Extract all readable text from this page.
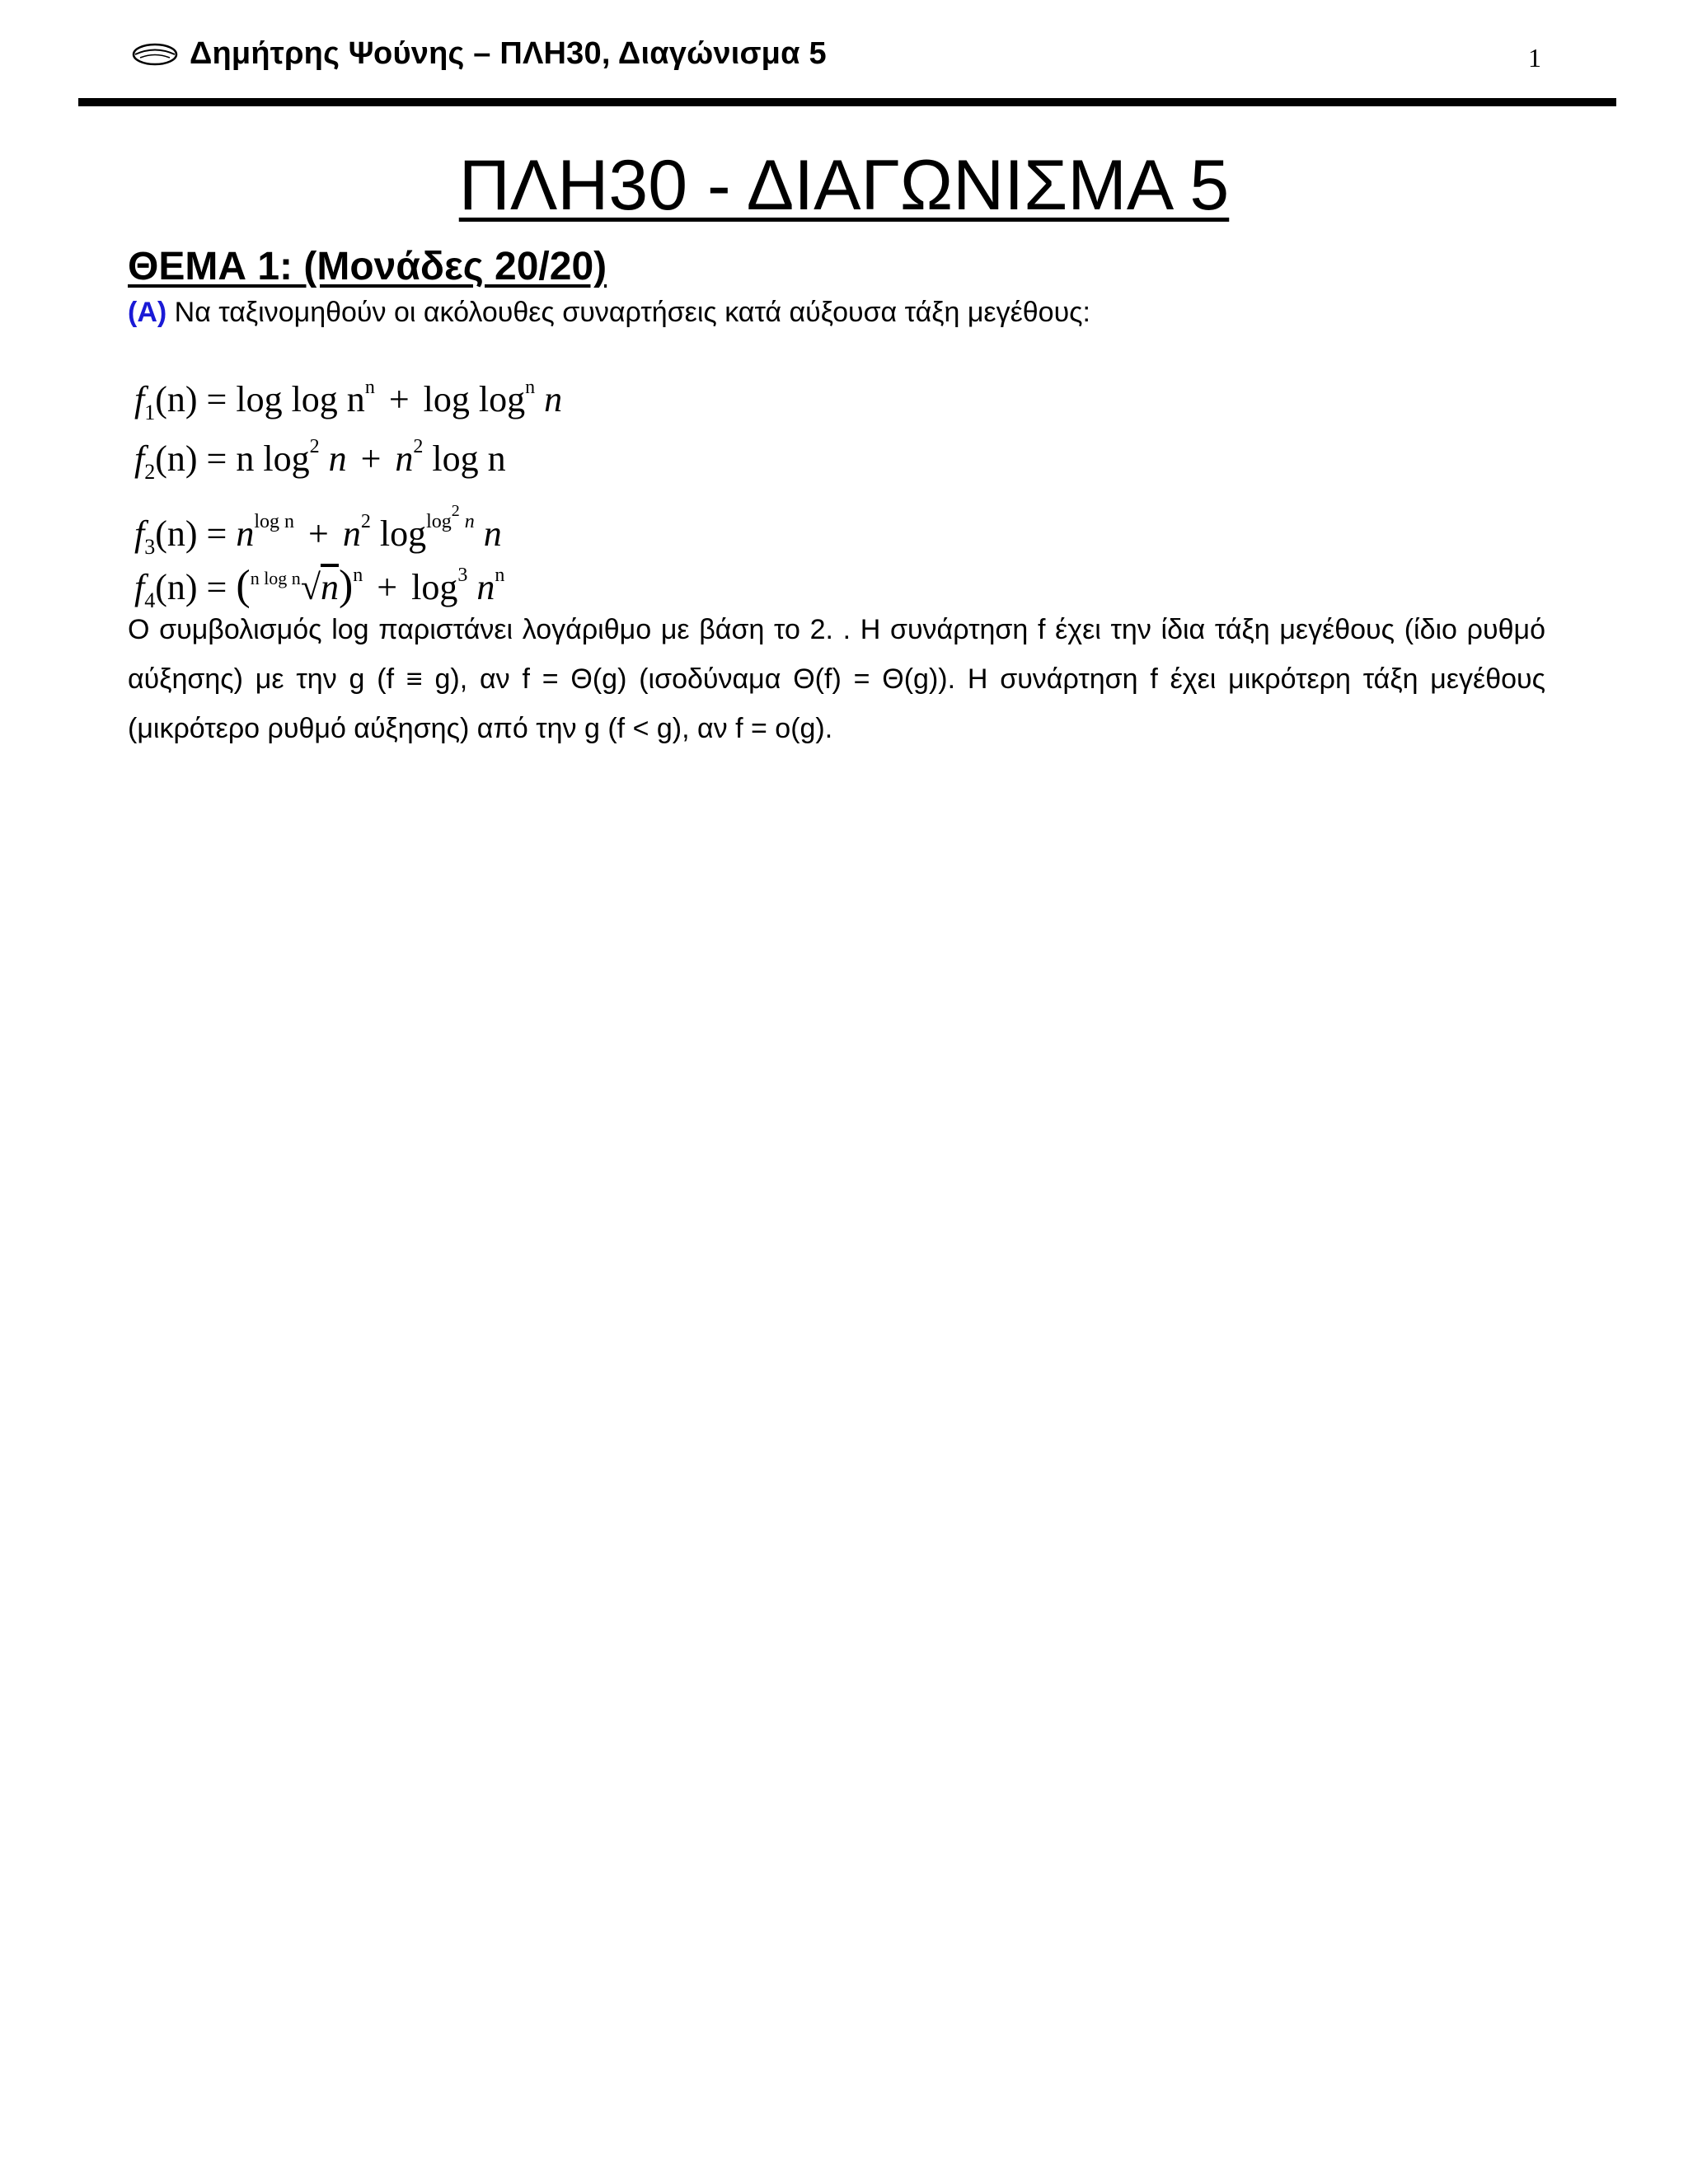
Δημήτρης Ψούνης – ΠΛΗ30, Διαγώνισμα 5	1
ΠΛΗ30 - ΔΙΑΓΩΝΙΣΜΑ 5
ΘΕΜΑ 1: (Μονάδες 20/20)
(Α) Να ταξινομηθούν οι ακόλουθες συναρτήσεις κατά αύξουσα τάξη μεγέθους:
$f_1(n) = \log \log n^n + \log \log^n n$
$f_2(n) = n$ $\log^2 n + n^2$ log n
$f_3(n) = n^{log n} + n^2$ $\log^{log^2 n} n$
$f_4(n) = (^{n log n}√n)^n + \log^3 n^n$
Ο συμβολισμός log παριστάνει λογάριθμο με βάση το 2. . Η συνάρτηση f έχει την ίδια τάξη μεγέθους (ίδιο ρυθμό αύξησης) με την g (f ≡ g), αν f = Θ(g) (ισοδύναμα Θ(f) = Θ(g)). Η συνάρτηση f έχει μικρότερη τάξη μεγέθους (μικρότερο ρυθμό αύξησης) από την g (f < g), αν f = o(g).
